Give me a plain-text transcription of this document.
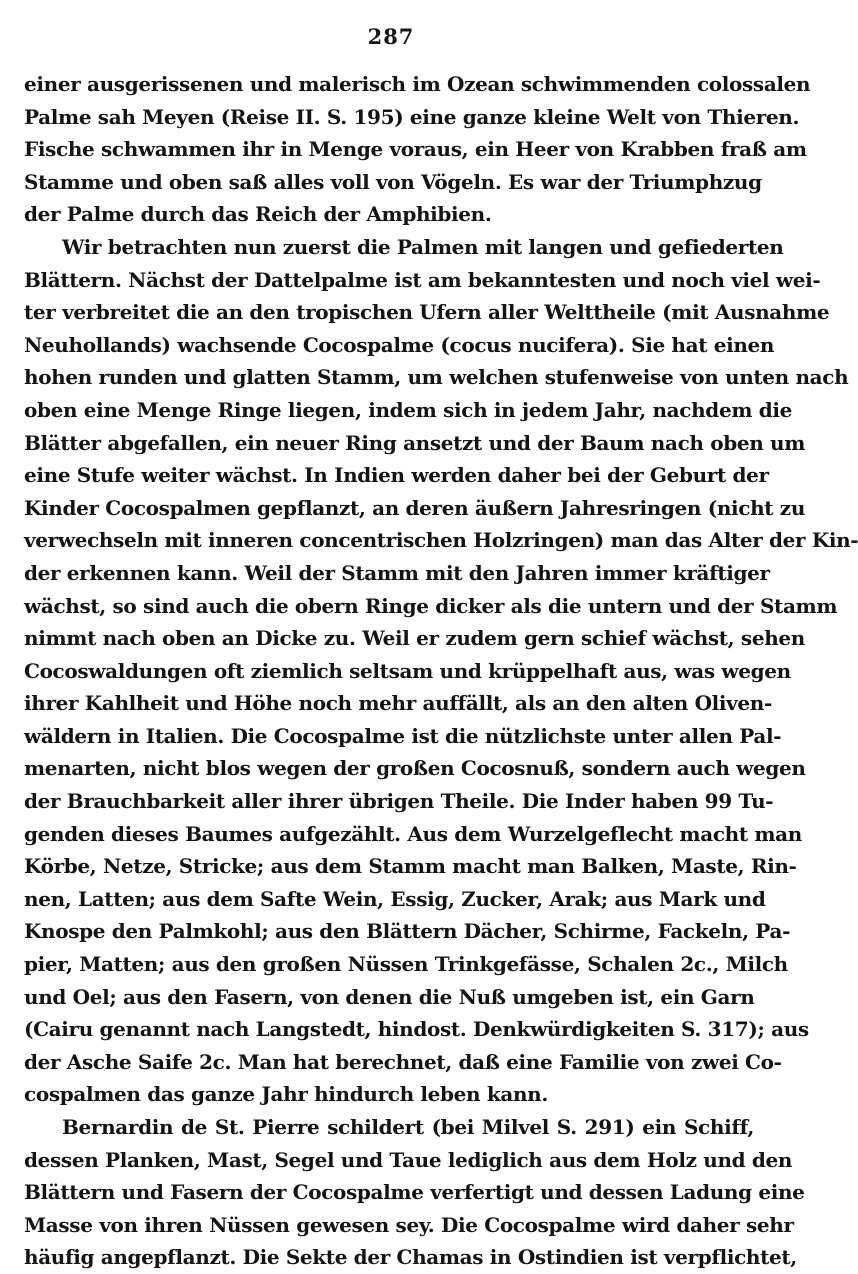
287
einer ausgerissenen und malerisch im Ozean schwimmenden colossalen
Palme sah Meyen (Reise II. S. 195) eine ganze kleine Welt von Thieren.
Fische schwammen ihr in Menge voraus, ein Heer von Krabben fraß am
Stamme und oben saß alles voll von Vögeln. Es war der Triumphzug
der Palme durch das Reich der Amphibien.
Wir betrachten nun zuerst die Palmen mit langen und gefiederten
Blättern. Nächst der Dattelpalme ist am bekanntesten und noch viel wei-
ter verbreitet die an den tropischen Ufern aller Welttheile (mit Ausnahme
Neuhollands) wachsende Cocospalme (cocus nucifera). Sie hat einen
hohen runden und glatten Stamm, um welchen stufenweise von unten nach
oben eine Menge Ringe liegen, indem sich in jedem Jahr, nachdem die
Blätter abgefallen, ein neuer Ring ansetzt und der Baum nach oben um
eine Stufe weiter wächst. In Indien werden daher bei der Geburt der
Kinder Cocospalmen gepflanzt, an deren äußern Jahresringen (nicht zu
verwechseln mit inneren concentrischen Holzringen) man das Alter der Kin-
der erkennen kann. Weil der Stamm mit den Jahren immer kräftiger
wächst, so sind auch die obern Ringe dicker als die untern und der Stamm
nimmt nach oben an Dicke zu. Weil er zudem gern schief wächst, sehen
Cocoswaldungen oft ziemlich seltsam und krüppelhaft aus, was wegen
ihrer Kahlheit und Höhe noch mehr auffällt, als an den alten Oliven-
wäldern in Italien. Die Cocospalme ist die nützlichste unter allen Pal-
menarten, nicht blos wegen der großen Cocosnuß, sondern auch wegen
der Brauchbarkeit aller ihrer übrigen Theile. Die Inder haben 99 Tu-
genden dieses Baumes aufgezählt. Aus dem Wurzelgeflecht macht man
Körbe, Netze, Stricke; aus dem Stamm macht man Balken, Maste, Rin-
nen, Latten; aus dem Safte Wein, Essig, Zucker, Arak; aus Mark und
Knospe den Palmkohl; aus den Blättern Dächer, Schirme, Fackeln, Pa-
pier, Matten; aus den großen Nüssen Trinkgefässe, Schalen 2c., Milch
und Oel; aus den Fasern, von denen die Nuß umgeben ist, ein Garn
(Cairu genannt nach Langstedt, hindost. Denkwürdigkeiten S. 317); aus
der Asche Saife 2c. Man hat berechnet, daß eine Familie von zwei Co-
cospalmen das ganze Jahr hindurch leben kann.
Bernardin de St. Pierre schildert (bei Milvel S. 291) ein Schiff,
dessen Planken, Mast, Segel und Taue lediglich aus dem Holz und den
Blättern und Fasern der Cocospalme verfertigt und dessen Ladung eine
Masse von ihren Nüssen gewesen sey. Die Cocospalme wird daher sehr
häufig angepflanzt. Die Sekte der Chamas in Ostindien ist verpflichtet,
